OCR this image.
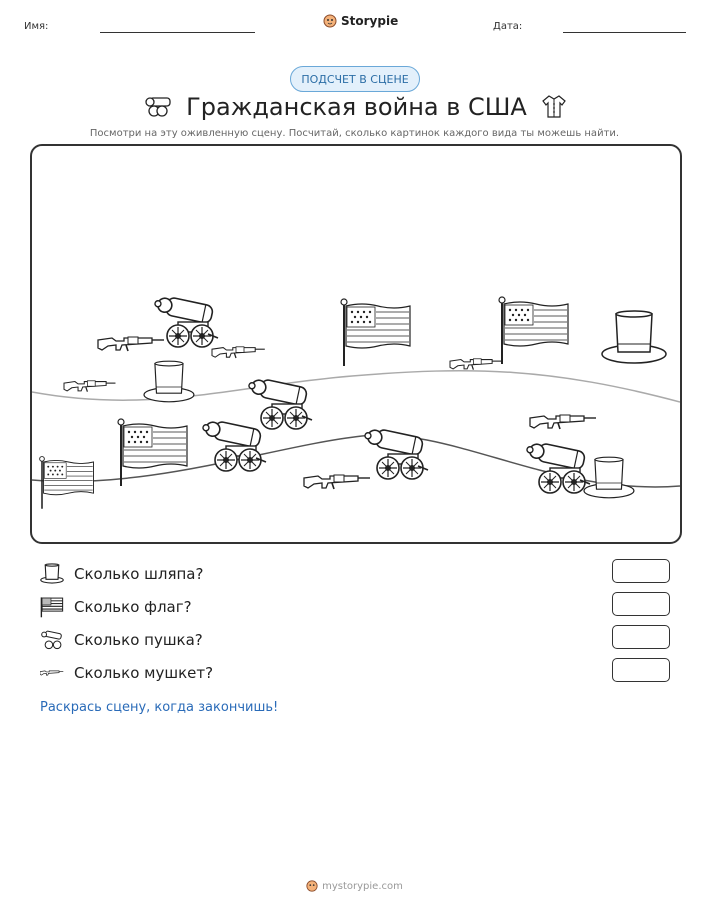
Имя:	Storypie	Дата:
ПОДСЧЕТ В СЦЕНЕ
Гражданская война в США
Посмотри на эту оживленную сцену. Посчитай, сколько картинок каждого вида ты можешь найти.
Сколько шляпа?
Сколько флаг?
Сколько пушка?
Сколько мушкет?
Раскрась сцену, когда закончишь!
mystorypie.com
